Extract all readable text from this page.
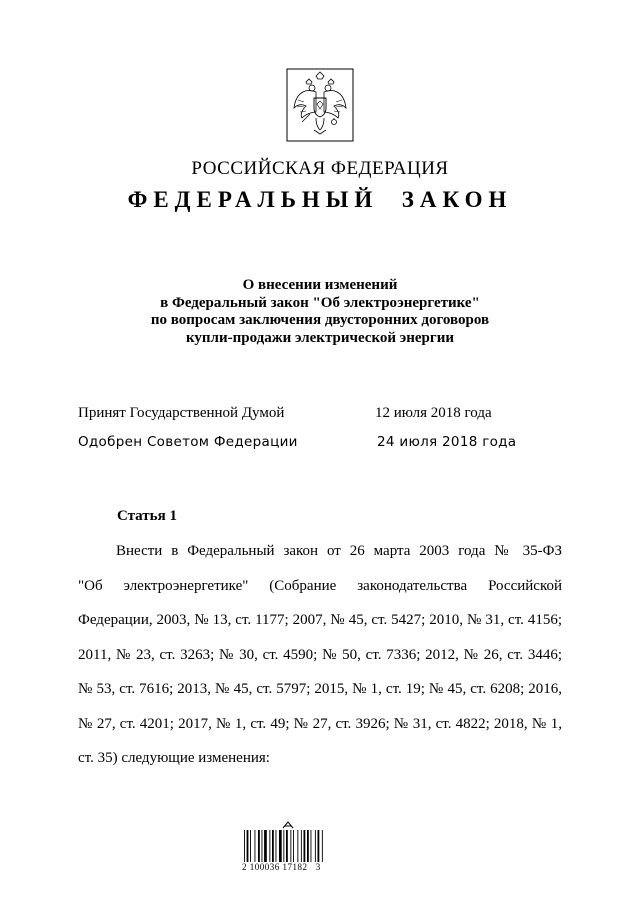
РОССИЙСКАЯ ФЕДЕРАЦИЯ
ФЕДЕРАЛЬНЫЙ  ЗАКОН
О внесении изменений
в Федеральный закон "Об электроэнергетике"
по вопросам заключения двусторонних договоров
купли-продажи электрической энергии
Принят Государственной Думой	12 июля 2018 года
Одобрен Советом Федерации	24 июля 2018 года
Статья 1
Внести в Федеральный закон от 26 марта 2003 года № 35-ФЗ
"Об электроэнергетике" (Собрание законодательства Российской
Федерации, 2003, № 13, ст. 1177; 2007, № 45, ст. 5427; 2010, № 31, ст. 4156;
2011, № 23, ст. 3263; № 30, ст. 4590; № 50, ст. 7336; 2012, № 26, ст. 3446;
№ 53, ст. 7616; 2013, № 45, ст. 5797; 2015, № 1, ст. 19; № 45, ст. 6208; 2016,
№ 27, ст. 4201; 2017, № 1, ст. 49; № 27, ст. 3926; № 31, ст. 4822; 2018, № 1,
ст. 35) следующие изменения:
2 100036 17182   3
